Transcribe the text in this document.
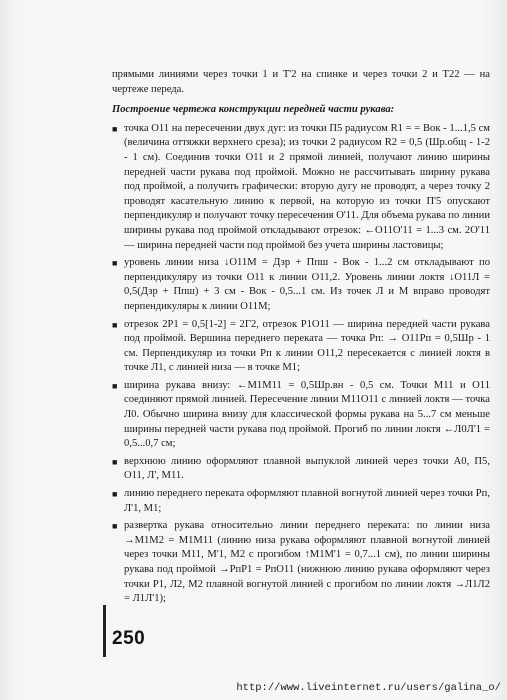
прямыми линиями через точки 1 и Т'2 на спинке и через точки 2 и Т22 — на чертеже переда.

Построение чертежа конструкции передней части рукава:

■ точка О11 на пересечении двух дуг: из точки П5 радиусом R1 = = Вок - 1...1,5 см (величина оттяжки верхнего среза); из точки 2 радиусом R2 = 0,5 (Шр.общ - 1-2 - 1 см). Соединив точки О11 и 2 прямой линией, получают линию ширины передней части рукава под проймой. Можно не рассчитывать ширину рукава под проймой, а получить графически: вторую дугу не проводят, а через точку 2 проводят касательную линию к первой, на которую из точки П'5 опускают перпендикуляр и получают точку пересечения О'11. Для объема рукава по линии ширины рукава под проймой откладывают отрезок: ←О11О'11 = 1...3 см. 2О'11 — ширина передней части под проймой без учета ширины ластовицы;
■ уровень линии низа ↓О11М = Дзр + Ппш - Вок - 1...2 см откладывают по перпендикуляру из точки О11 к линии О11,2. Уровень линии локтя ↓О11Л = 0,5(Дзр + Ппш) + 3 см - Вок - 0,5...1 см. Из точек Л и М вправо проводят перпендикуляры к линии О11М;
■ отрезок 2Р1 = 0,5[1-2] = 2Г2, отрезок Р1О11 — ширина передней части рукава под проймой. Вершина переднего переката — точка Рп: → О11Рп = 0,5Шр - 1 см. Перпендикуляр из точки Рп к линии О11,2 пересекается с линией локтя в точке Л1, с линией низа — в точке М1;
■ ширина рукава внизу: ←М1М11 = 0,5Шр.вн - 0,5 см. Точки М11 и О11 соединяют прямой линией. Пересечение линии М11О11 с линией локтя — точка Л0. Обычно ширина внизу для классической формы рукава на 5...7 см меньше ширины передней части рукава под проймой. Прогиб по линии локтя ←Л0Л'1 = 0,5...0,7 см;
■ верхнюю линию оформляют плавной выпуклой линией через точки А0, П5, О11, Л', М11.
■ линию переднего переката оформляют плавной вогнутой линией через точки Рп, Л'1, М1;
■ развертка рукава относительно линии переднего переката: по линии низа →М1М2 = М1М11 (линию низа рукава оформляют плавной вогнутой линией через точки М11, М'1, М2 с прогибом ↑М1М'1 = 0,7...1 см), по линии ширины рукава под проймой →РпР1 = РпО11 (нижнюю линию рукава оформляют через точки Р1, Л2, М2 плавной вогнутой линией с прогибом по линии локтя →Л1Л2 = Л1Л'1);
250
http://www.liveinternet.ru/users/galina_o/
